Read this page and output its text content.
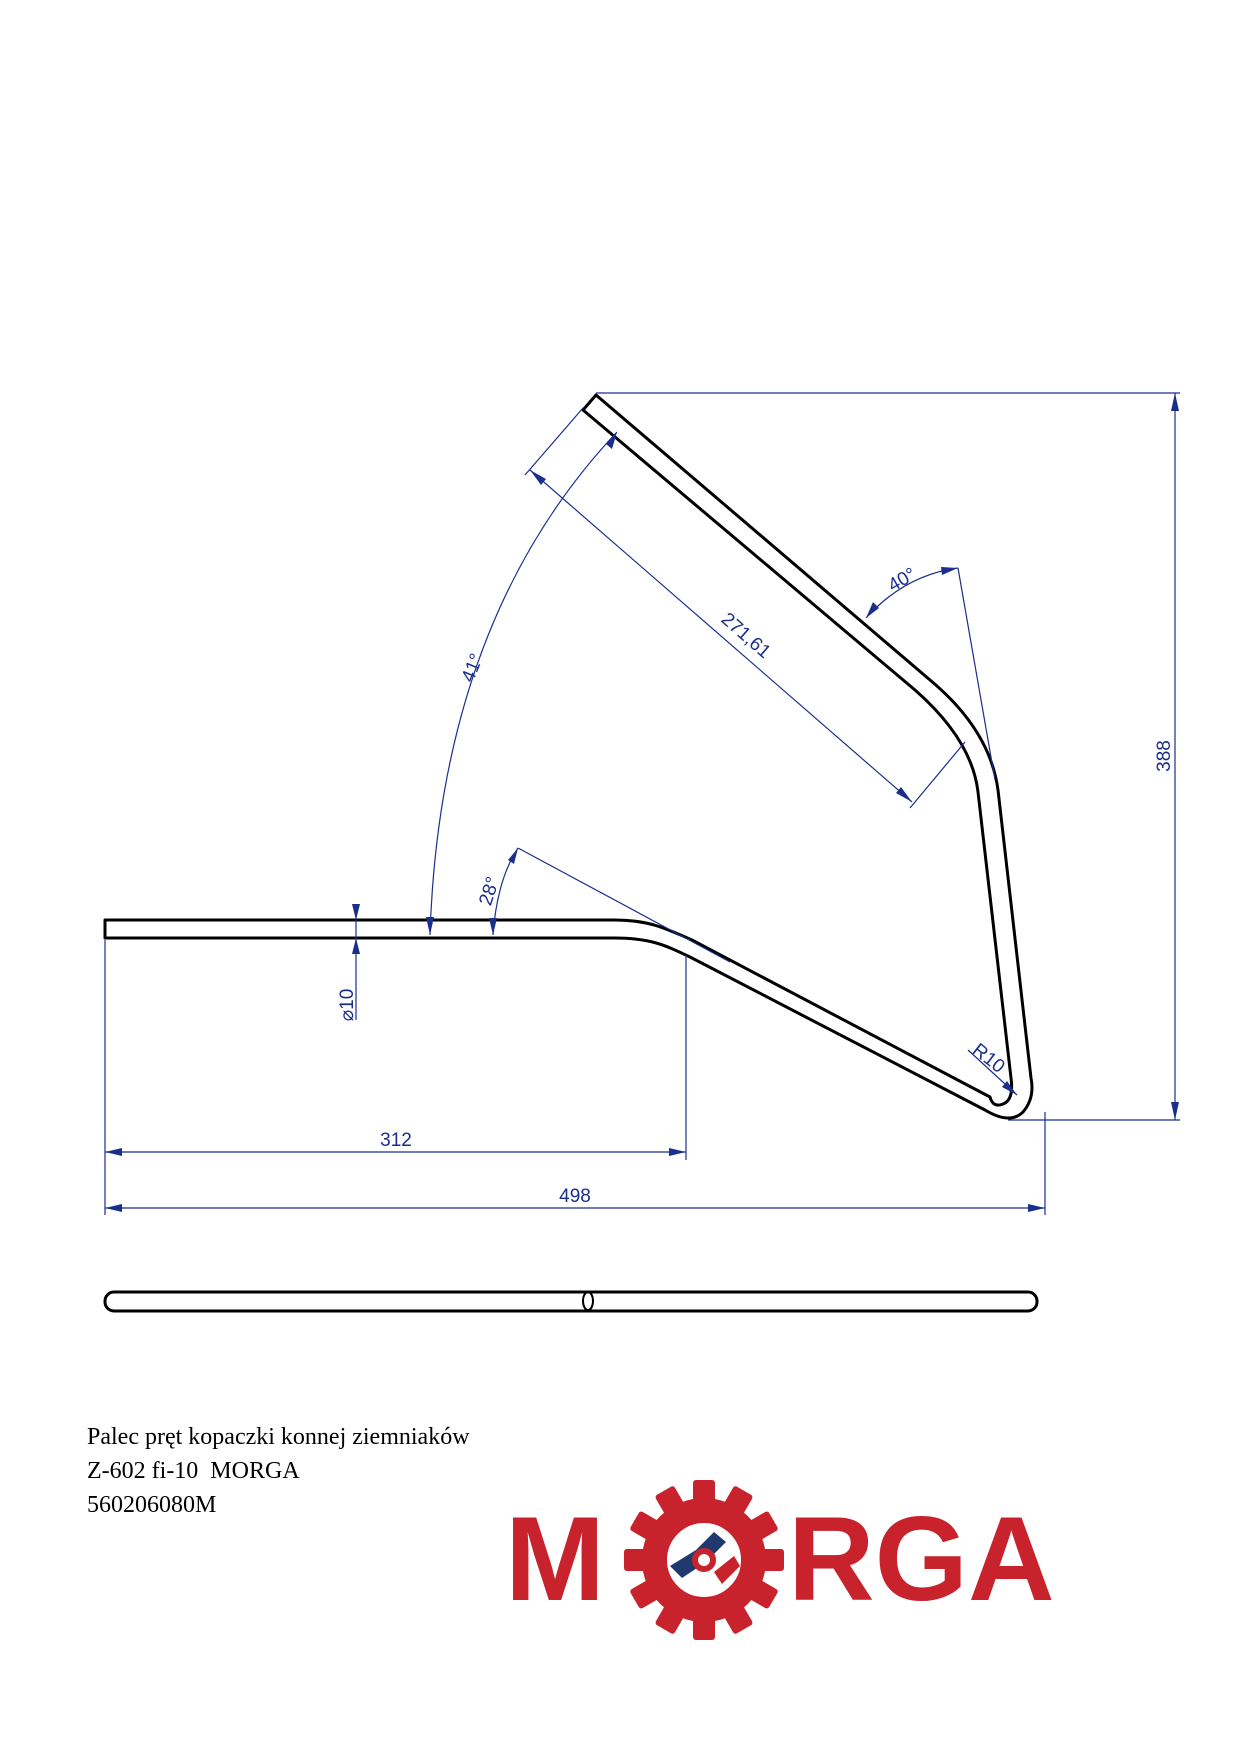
388
271,61
40°
41°
28°
⌀10
R10
312
498
Palec pręt kopaczki konnej ziemniaków
Z-602 fi-10  MORGA
560206080M	M RGA
